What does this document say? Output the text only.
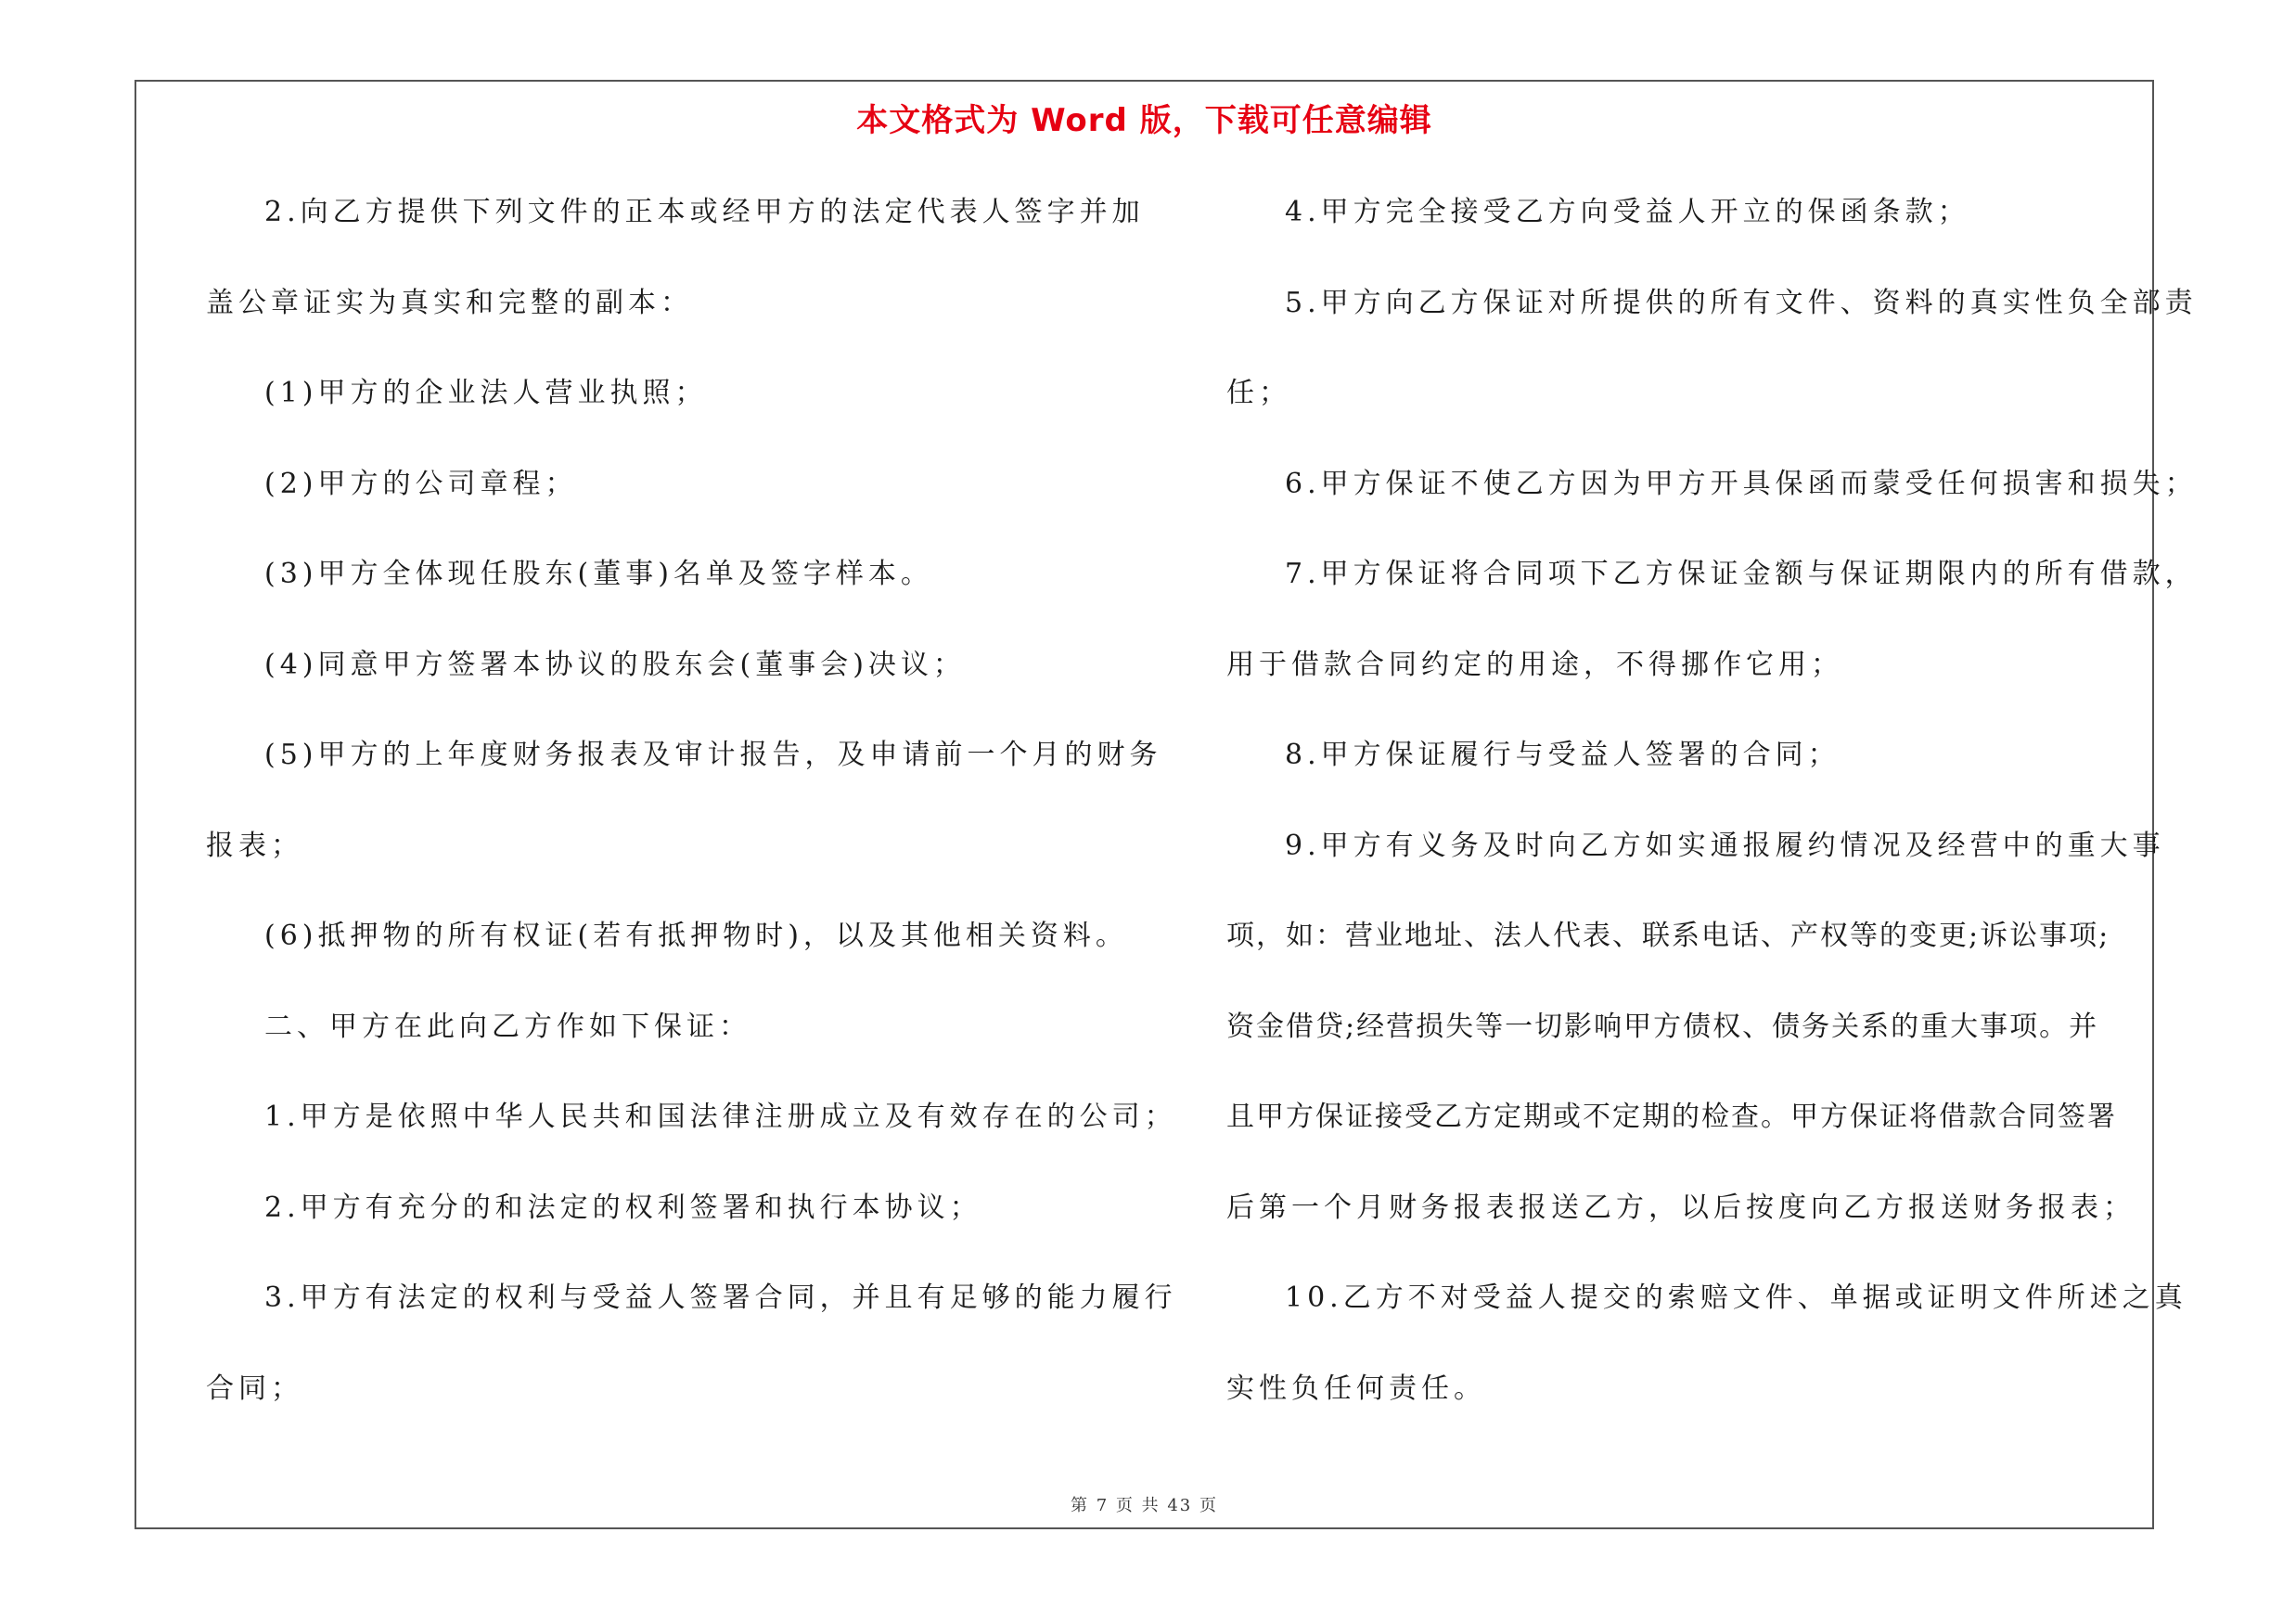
本文格式为 Word 版，下载可任意编辑
2.向乙方提供下列文件的正本或经甲方的法定代表人签字并加
盖公章证实为真实和完整的副本：
(1)甲方的企业法人营业执照；
(2)甲方的公司章程；
(3)甲方全体现任股东(董事)名单及签字样本。
(4)同意甲方签署本协议的股东会(董事会)决议；
(5)甲方的上年度财务报表及审计报告，及申请前一个月的财务
报表；
(6)抵押物的所有权证(若有抵押物时)，以及其他相关资料。
二、甲方在此向乙方作如下保证：
1.甲方是依照中华人民共和国法律注册成立及有效存在的公司；
2.甲方有充分的和法定的权利签署和执行本协议；
3.甲方有法定的权利与受益人签署合同，并且有足够的能力履行
合同；
4.甲方完全接受乙方向受益人开立的保函条款；
5.甲方向乙方保证对所提供的所有文件、资料的真实性负全部责
任；
6.甲方保证不使乙方因为甲方开具保函而蒙受任何损害和损失；
7.甲方保证将合同项下乙方保证金额与保证期限内的所有借款，
用于借款合同约定的用途，不得挪作它用；
8.甲方保证履行与受益人签署的合同；
9.甲方有义务及时向乙方如实通报履约情况及经营中的重大事
项，如：营业地址、法人代表、联系电话、产权等的变更;诉讼事项;
资金借贷;经营损失等一切影响甲方债权、债务关系的重大事项。并
且甲方保证接受乙方定期或不定期的检查。甲方保证将借款合同签署
后第一个月财务报表报送乙方，以后按度向乙方报送财务报表；
10.乙方不对受益人提交的索赔文件、单据或证明文件所述之真
实性负任何责任。
第 7 页 共 43 页
